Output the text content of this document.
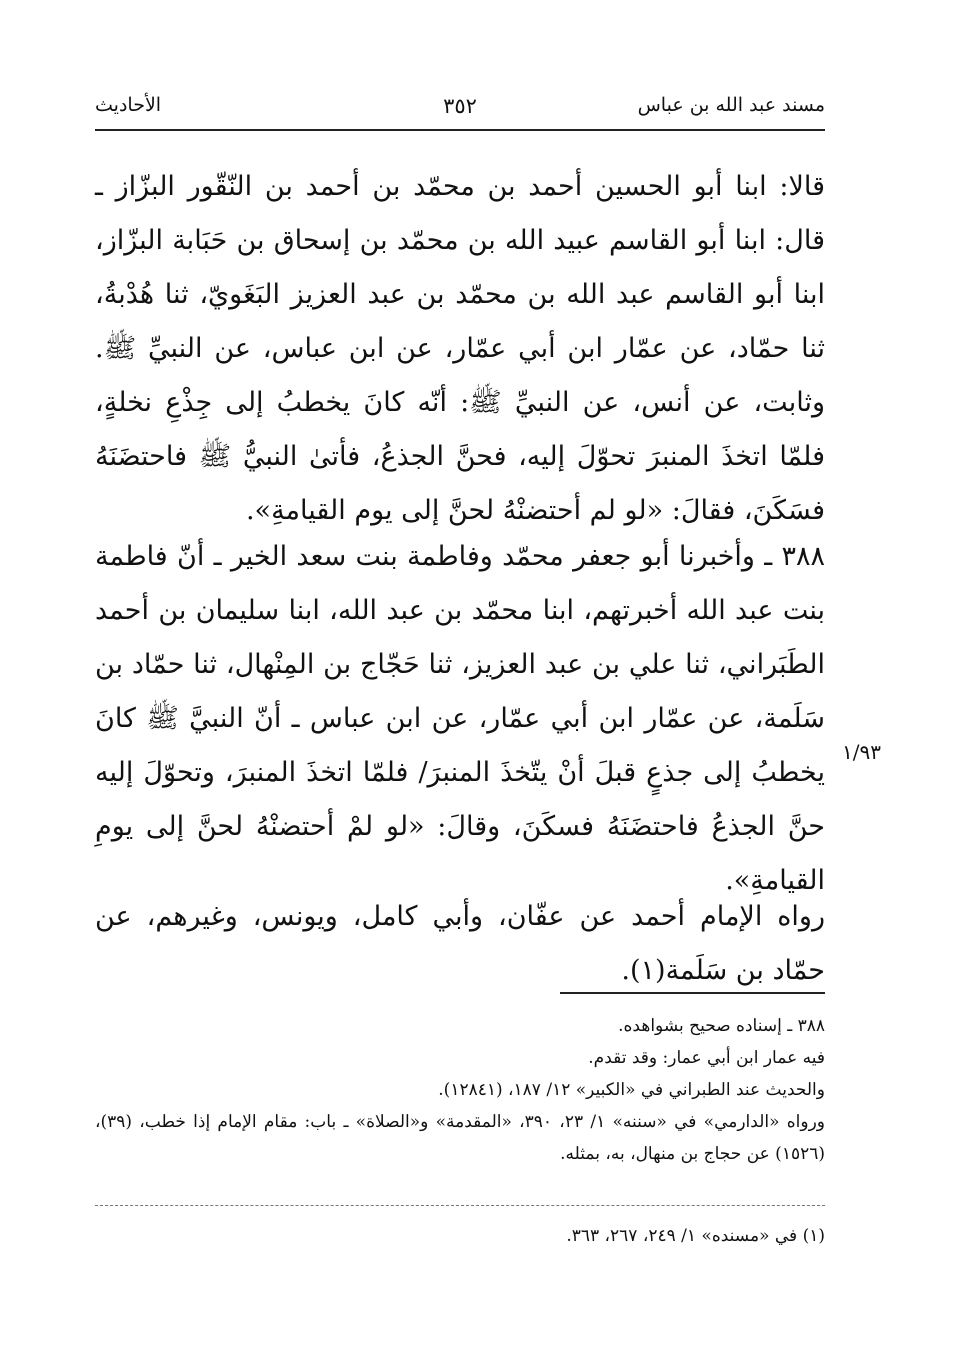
مسند عبد الله بن عباس
٣٥٢
الأحاديث

قالا: ابنا أبو الحسين أحمد بن محمّد بن أحمد بن النّقّور البزّاز ـ قال: ابنا أبو القاسم عبيد الله بن محمّد بن إسحاق بن حَبَابة البزّاز، ابنا أبو القاسم عبد الله بن محمّد بن عبد العزيز البَغَويّ، ثنا هُدْبةُ، ثنا حمّاد، عن عمّار ابن أبي عمّار، عن ابن عباس، عن النبيِّ ﷺ. وثابت، عن أنس، عن النبيِّ ﷺ: أنّه كانَ يخطبُ إلى جِذْعِ نخلةٍ، فلمّا اتخذَ المنبرَ تحوّلَ إليه، فحنَّ الجذعُ، فأتىٰ النبيُّ ﷺ فاحتضَنَهُ فسَكَنَ، فقالَ: «لو لم أحتضنْهُ لحنَّ إلى يوم القيامةِ».

٣٨٨ ـ وأخبرنا أبو جعفر محمّد وفاطمة بنت سعد الخير ـ أنّ فاطمة بنت عبد الله أخبرتهم، ابنا محمّد بن عبد الله، ابنا سليمان بن أحمد الطَبَراني، ثنا علي بن عبد العزيز، ثنا حَجّاج بن المِنْهال، ثنا حمّاد بن سَلَمة، عن عمّار ابن أبي عمّار، عن ابن عباس ـ أنّ النبيَّ ﷺ كانَ يخطبُ إلى جذعٍ قبلَ أنْ يتّخذَ المنبرَ/ فلمّا اتخذَ المنبرَ، وتحوّلَ إليه حنَّ الجذعُ فاحتضَنَهُ فسكَنَ، وقالَ: «لو لمْ أحتضنْهُ لحنَّ إلى يومِ القيامةِ».

١/٩٣

رواه الإمام أحمد عن عفّان، وأبي كامل، ويونس، وغيرهم، عن حمّاد بن سَلَمة(١).

٣٨٨ ـ إسناده صحيح بشواهده.

فيه عمار ابن أبي عمار: وقد تقدم.

والحديث عند الطبراني في «الكبير» ١٢/ ١٨٧، (١٢٨٤١).

ورواه «الدارمي» في «سننه» ١/ ٢٣، ٣٩٠، «المقدمة» و«الصلاة» ـ باب: مقام الإمام إذا خطب، (٣٩)، (١٥٢٦) عن حجاج بن منهال، به، بمثله.

(١) في «مسنده» ١/ ٢٤٩، ٢٦٧، ٣٦٣.
